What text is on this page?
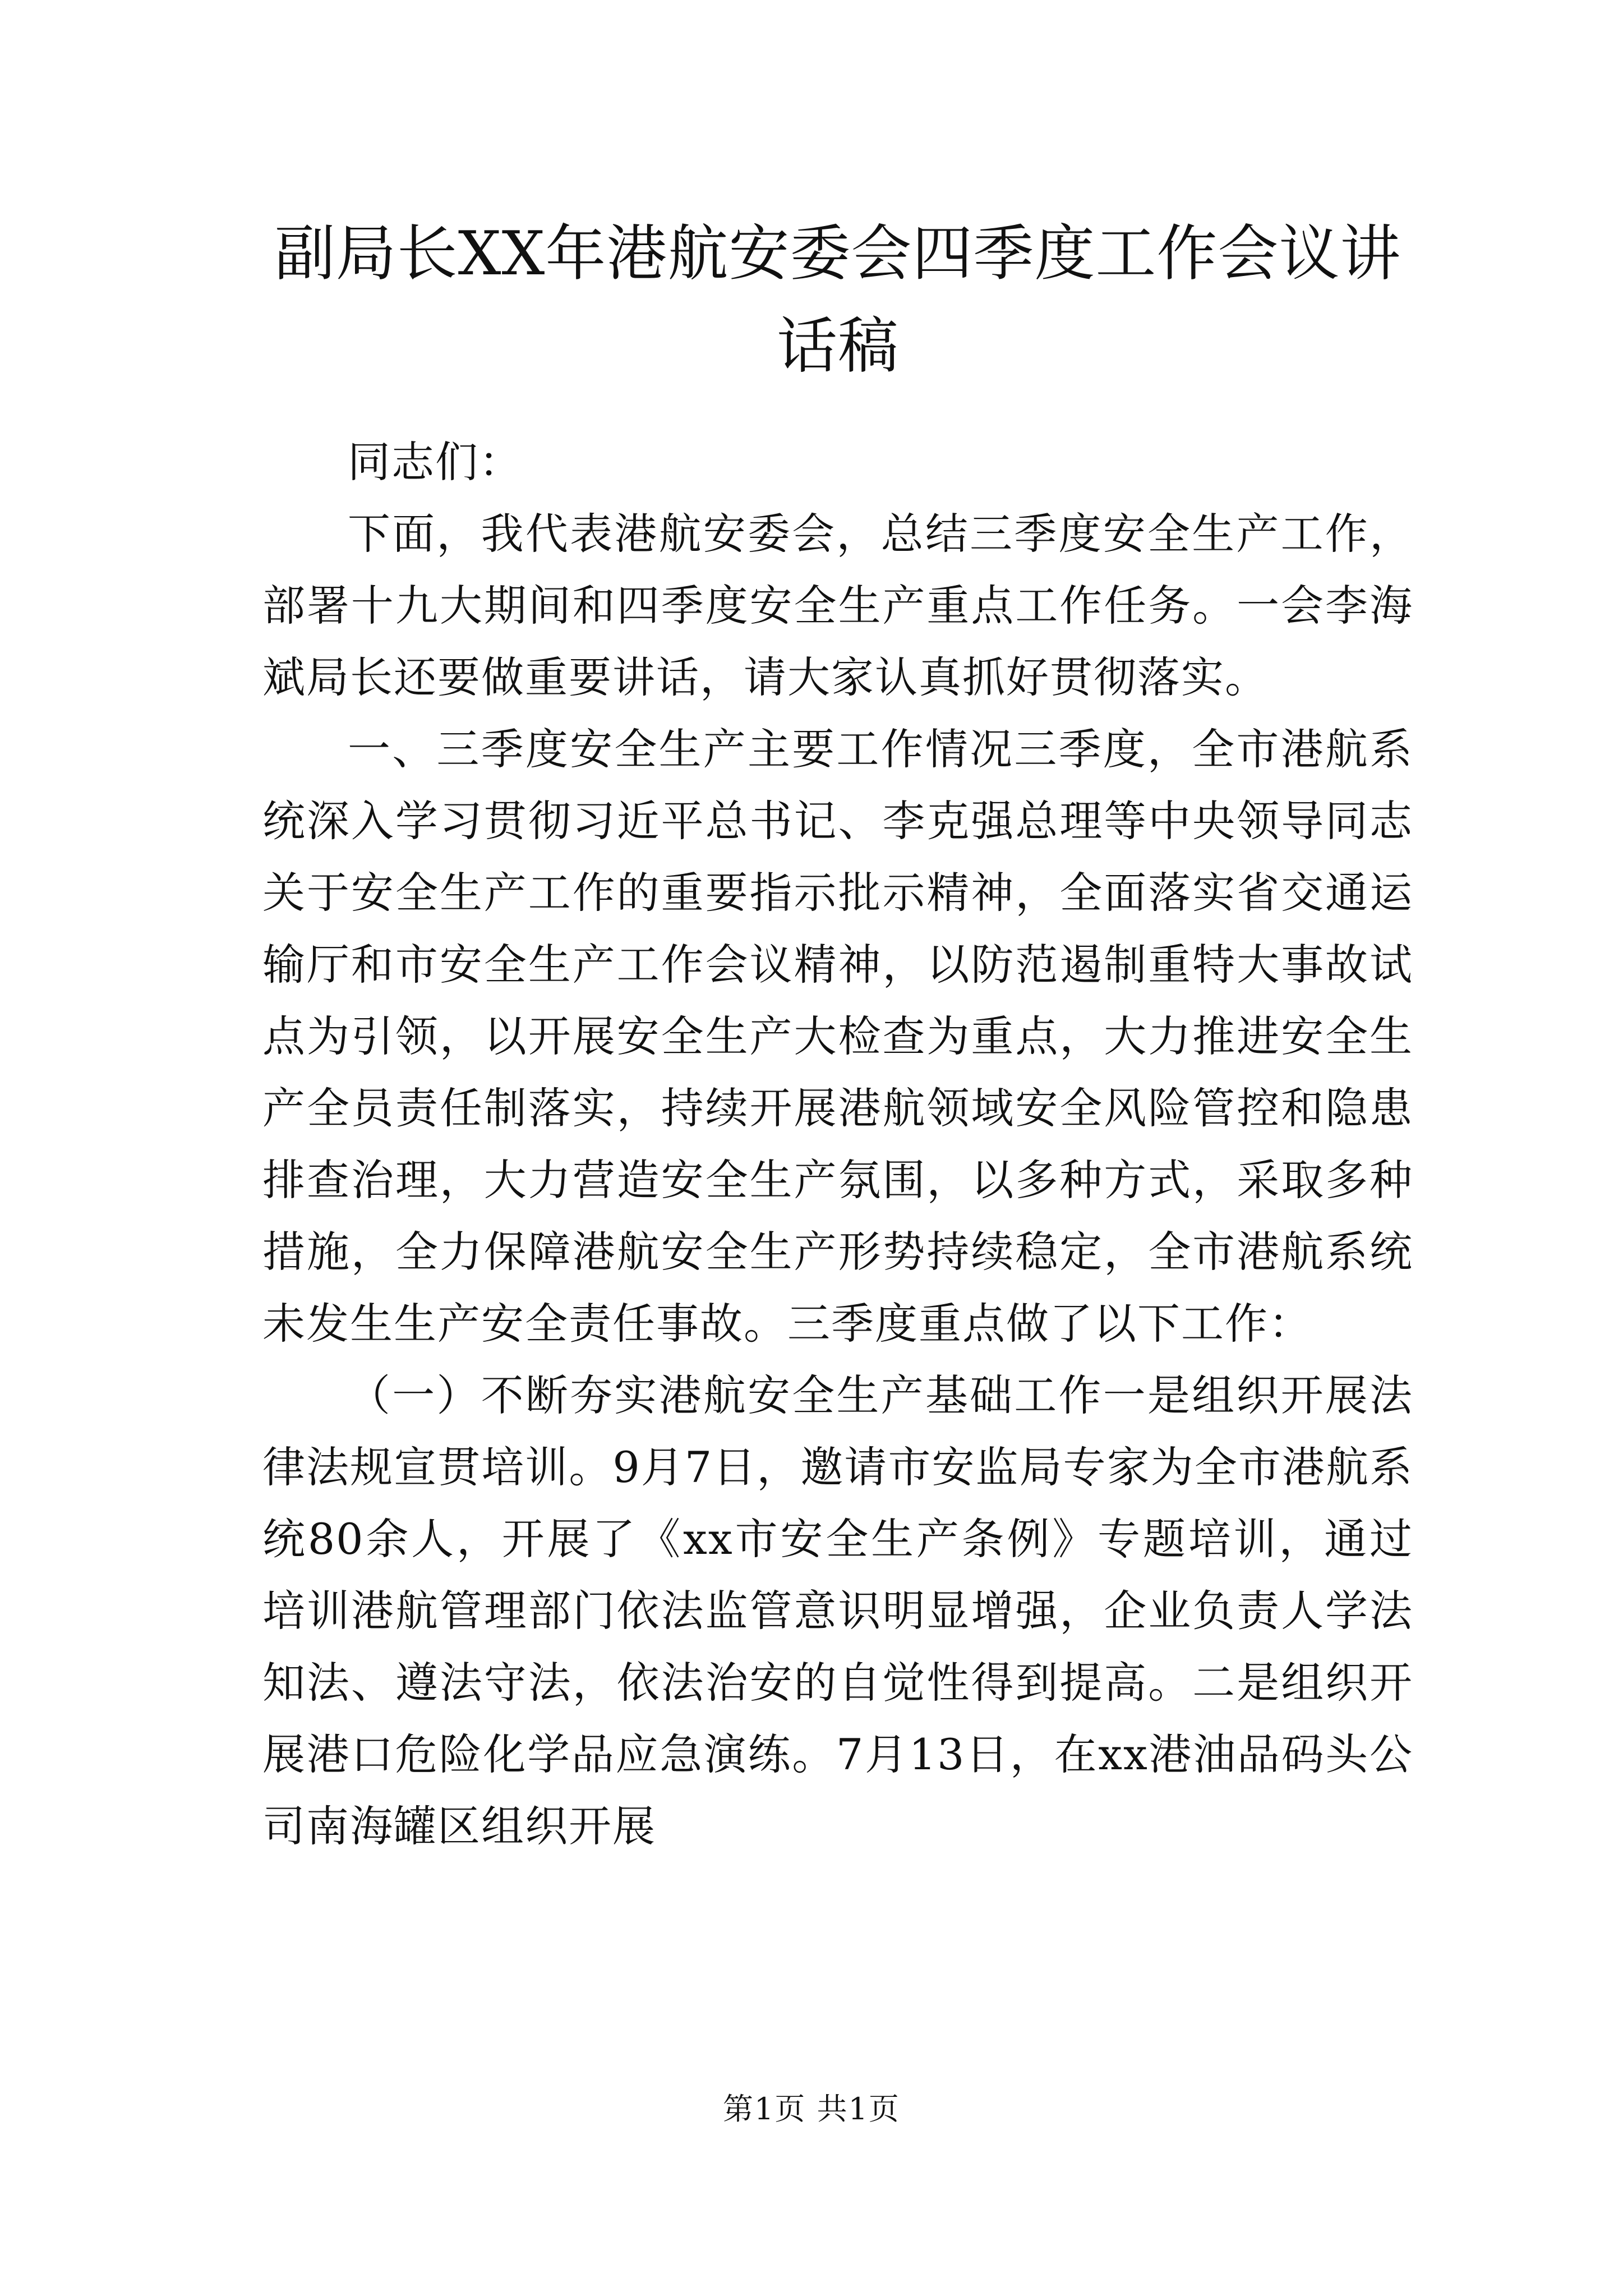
副局长XX年港航安委会四季度工作会议讲话稿

同志们：

下面，我代表港航安委会，总结三季度安全生产工作，部署十九大期间和四季度安全生产重点工作任务。一会李海斌局长还要做重要讲话，请大家认真抓好贯彻落实。

一、三季度安全生产主要工作情况三季度，全市港航系统深入学习贯彻习近平总书记、李克强总理等中央领导同志关于安全生产工作的重要指示批示精神，全面落实省交通运输厅和市安全生产工作会议精神，以防范遏制重特大事故试点为引领，以开展安全生产大检查为重点，大力推进安全生产全员责任制落实，持续开展港航领域安全风险管控和隐患排查治理，大力营造安全生产氛围，以多种方式，采取多种措施，全力保障港航安全生产形势持续稳定，全市港航系统未发生生产安全责任事故。三季度重点做了以下工作：

（一）不断夯实港航安全生产基础工作一是组织开展法律法规宣贯培训。9月7日，邀请市安监局专家为全市港航系统80余人，开展了《xx市安全生产条例》专题培训，通过培训港航管理部门依法监管意识明显增强，企业负责人学法知法、遵法守法，依法治安的自觉性得到提高。二是组织开展港口危险化学品应急演练。7月13日，在xx港油品码头公司南海罐区组织开展

第1页 共1页
